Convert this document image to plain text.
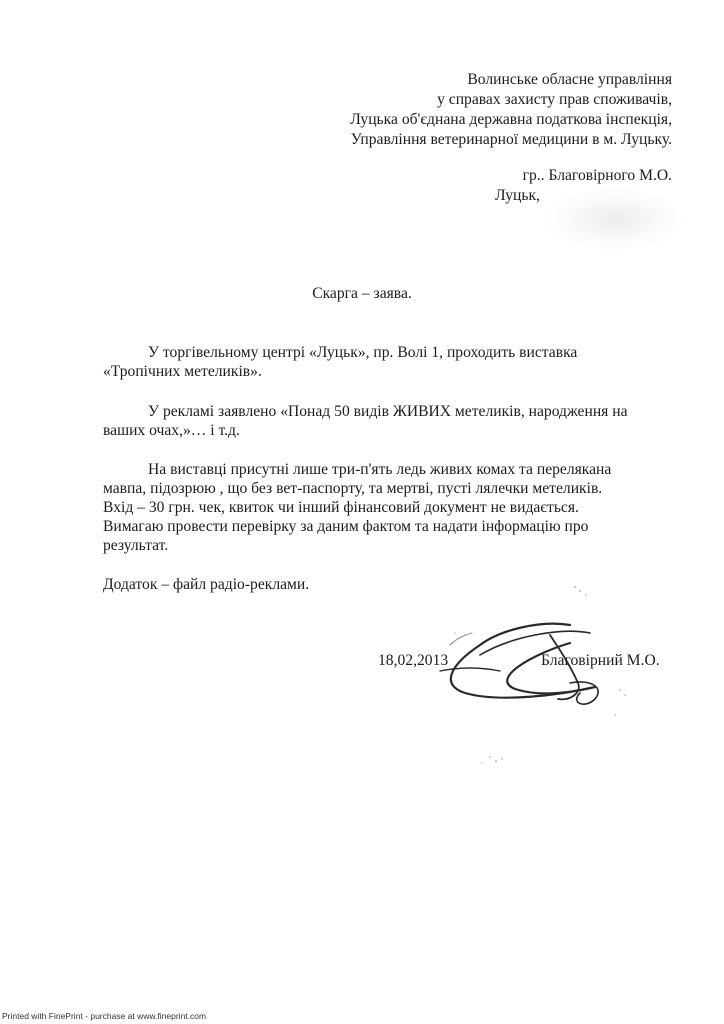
Волинське обласне управління
у справах захисту прав споживачів,
Луцька об'єднана державна податкова інспекція,
Управління ветеринарної медицини в м. Луцьку.
гр.. Благовірного М.О.
Луцьк,
Скарга – заява.
У торгівельному центрі «Луцьк», пр. Волі 1, проходить виставка
«Тропічних метеликів».
У рекламі заявлено «Понад 50 видів ЖИВИХ метеликів, народження на
ваших очах,»… і т.д.
На виставці присутні лише три-п'ять ледь живих комах та переляканa
мавпа, підозрюю , що без вет-паспорту, та мертві, пусті лялечки метеликів.
Вхід – 30 грн. чек, квиток чи інший фінансовий документ не видається.
Вимагаю провести перевірку за даним фактом та надати інформацію про
результат.
Додаток – файл радіо-реклами.
18,02,2013	Благовірний М.О.
Printed with FinePrint - purchase at www.fineprint.com
